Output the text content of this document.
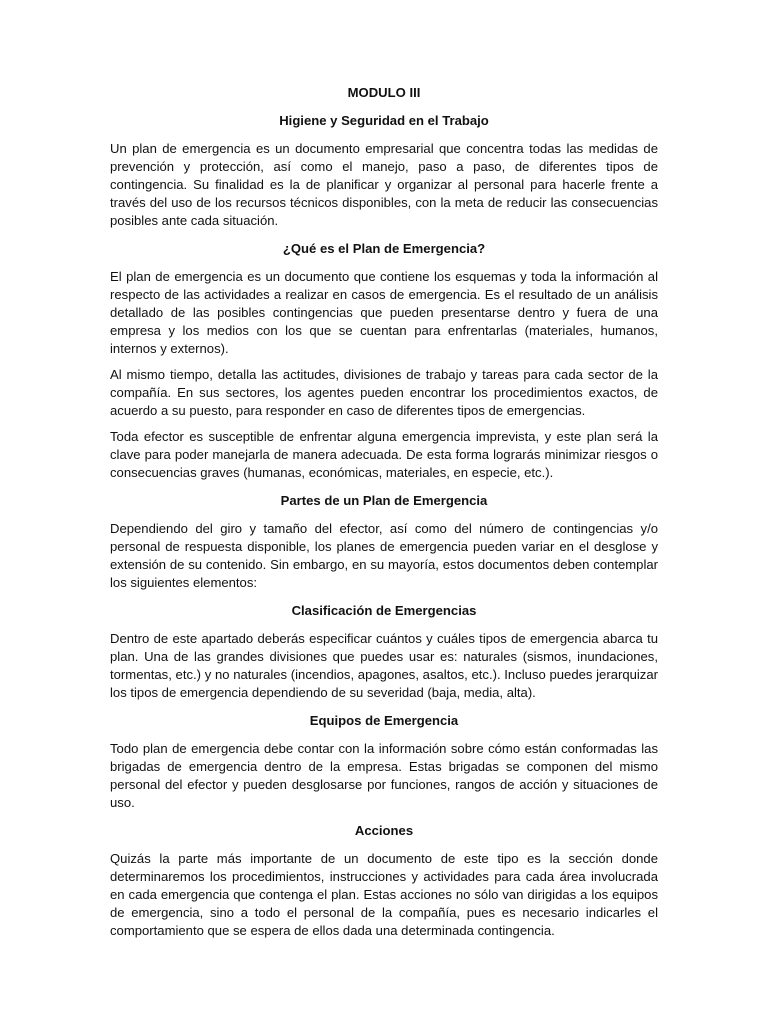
MODULO III

Higiene y Seguridad en el Trabajo

Un plan de emergencia es un documento empresarial que concentra todas las medidas de prevención y protección, así como el manejo, paso a paso, de diferentes tipos de contingencia. Su finalidad es la de planificar y organizar al personal para hacerle frente a través del uso de los recursos técnicos disponibles, con la meta de reducir las consecuencias posibles ante cada situación.

¿Qué es el Plan de Emergencia?

El plan de emergencia es un documento que contiene los esquemas y toda la información al respecto de las actividades a realizar en casos de emergencia. Es el resultado de un análisis detallado de las posibles contingencias que pueden presentarse dentro y fuera de una empresa y los medios con los que se cuentan para enfrentarlas (materiales, humanos, internos y externos).

Al mismo tiempo, detalla las actitudes, divisiones de trabajo y tareas para cada sector de la compañía. En sus sectores, los agentes pueden encontrar los procedimientos exactos, de acuerdo a su puesto, para responder en caso de diferentes tipos de emergencias.

Toda efector es susceptible de enfrentar alguna emergencia imprevista, y este plan será la clave para poder manejarla de manera adecuada. De esta forma lograrás minimizar riesgos o consecuencias graves (humanas, económicas, materiales, en especie, etc.).

Partes de un Plan de Emergencia

Dependiendo del giro y tamaño del efector, así como del número de contingencias y/o personal de respuesta disponible, los planes de emergencia pueden variar en el desglose y extensión de su contenido. Sin embargo, en su mayoría, estos documentos deben contemplar los siguientes elementos:

Clasificación de Emergencias

Dentro de este apartado deberás especificar cuántos y cuáles tipos de emergencia abarca tu plan. Una de las grandes divisiones que puedes usar es: naturales (sismos, inundaciones, tormentas, etc.) y no naturales (incendios, apagones, asaltos, etc.). Incluso puedes jerarquizar los tipos de emergencia dependiendo de su severidad (baja, media, alta).

Equipos de Emergencia

Todo plan de emergencia debe contar con la información sobre cómo están conformadas las brigadas de emergencia dentro de la empresa. Estas brigadas se componen del mismo personal del efector y pueden desglosarse por funciones, rangos de acción y situaciones de uso.

Acciones

Quizás la parte más importante de un documento de este tipo es la sección donde determinaremos los procedimientos, instrucciones y actividades para cada área involucrada en cada emergencia que contenga el plan. Estas acciones no sólo van dirigidas a los equipos de emergencia, sino a todo el personal de la compañía, pues es necesario indicarles el comportamiento que se espera de ellos dada una determinada contingencia.
